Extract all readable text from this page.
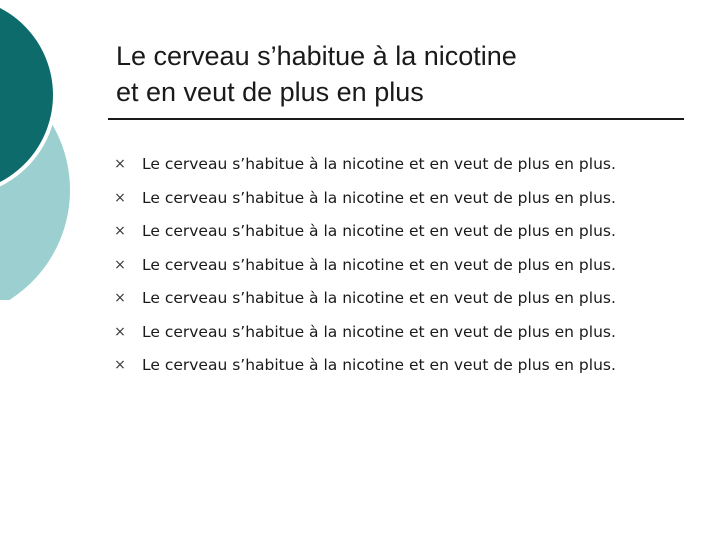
Le cerveau s’habitue à la nicotine
et en veut de plus en plus
× Le cerveau s’habitue à la nicotine et en veut de plus en plus.
× Le cerveau s’habitue à la nicotine et en veut de plus en plus.
× Le cerveau s’habitue à la nicotine et en veut de plus en plus.
× Le cerveau s’habitue à la nicotine et en veut de plus en plus.
× Le cerveau s’habitue à la nicotine et en veut de plus en plus.
× Le cerveau s’habitue à la nicotine et en veut de plus en plus.
× Le cerveau s’habitue à la nicotine et en veut de plus en plus.
